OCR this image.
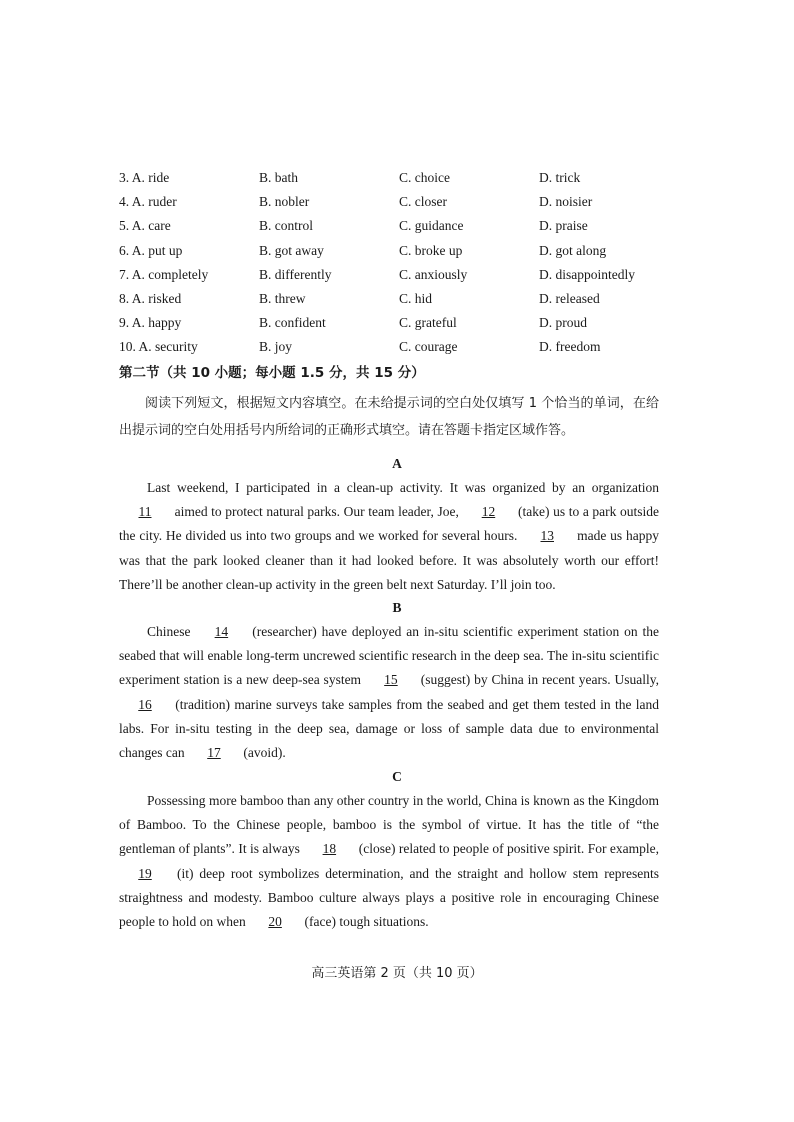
3. A. ride	B. bath	C. choice	D. trick
4. A. ruder	B. nobler	C. closer	D. noisier
5. A. care	B. control	C. guidance	D. praise
6. A. put up	B. got away	C. broke up	D. got along
7. A. completely	B. differently	C. anxiously	D. disappointedly
8. A. risked	B. threw	C. hid	D. released
9. A. happy	B. confident	C. grateful	D. proud
10. A. security	B. joy	C. courage	D. freedom
第二节（共 10 小题；每小题 1.5 分，共 15 分）
阅读下列短文，根据短文内容填空。在未给提示词的空白处仅填写 1 个恰当的单词，在给出提示词的空白处用括号内所给词的正确形式填空。请在答题卡指定区域作答。
A
Last weekend, I participated in a clean-up activity. It was organized by an organization 11 aimed to protect natural parks. Our team leader, Joe, 12 (take) us to a park outside the city. He divided us into two groups and we worked for several hours. 13 made us happy was that the park looked cleaner than it had looked before. It was absolutely worth our effort! There’ll be another clean-up activity in the green belt next Saturday. I’ll join too.
B
Chinese 14 (researcher) have deployed an in-situ scientific experiment station on the seabed that will enable long-term uncrewed scientific research in the deep sea. The in-situ scientific experiment station is a new deep-sea system 15 (suggest) by China in recent years. Usually, 16 (tradition) marine surveys take samples from the seabed and get them tested in the land labs. For in-situ testing in the deep sea, damage or loss of sample data due to environmental changes can 17 (avoid).
C
Possessing more bamboo than any other country in the world, China is known as the Kingdom of Bamboo. To the Chinese people, bamboo is the symbol of virtue. It has the title of “the gentleman of plants”. It is always 18 (close) related to people of positive spirit. For example, 19 (it) deep root symbolizes determination, and the straight and hollow stem represents straightness and modesty. Bamboo culture always plays a positive role in encouraging Chinese people to hold on when 20 (face) tough situations.
高三英语第 2 页（共 10 页）
